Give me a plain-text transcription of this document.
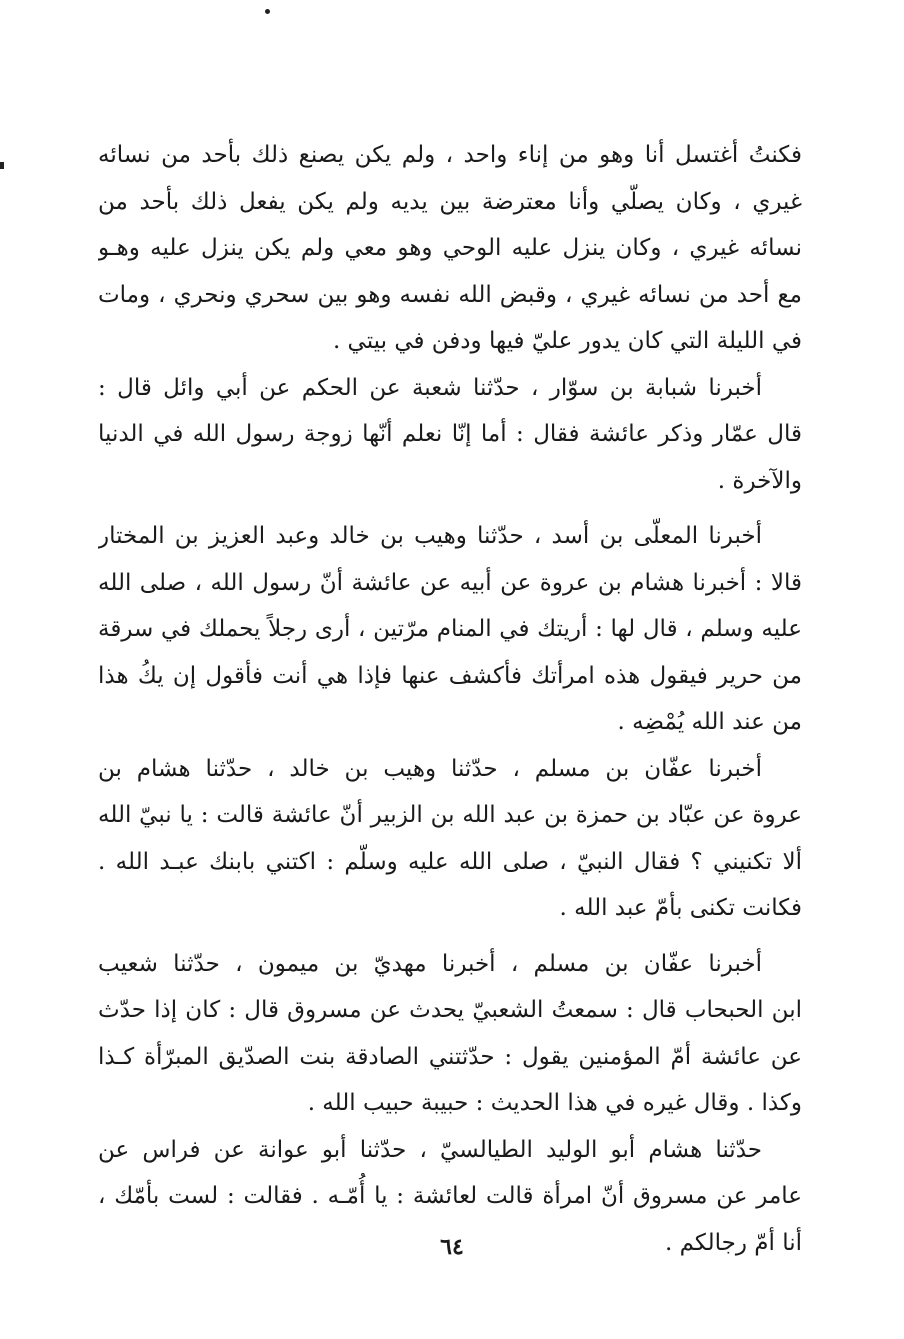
فكنتُ أغتسل أنا وهو من إناء واحد ، ولم يكن يصنع ذلك بأحد من نسائه
غيري ، وكان يصلّي وأنا معترضة بين يديه ولم يكن يفعل ذلك بأحد من
نسائه غيري ، وكان ينزل عليه الوحي وهو معي ولم يكن ينزل عليه وهـو
مع أحد من نسائه غيري ، وقبض الله نفسه وهو بين سحري ونحري ، ومات
في الليلة التي كان يدور عليّ فيها ودفن في بيتي .
أخبرنا شبابة بن سوّار ، حدّثنا شعبة عن الحكم عن أبي وائل قال :
قال عمّار وذكر عائشة فقال : أما إنّا نعلم أنّها زوجة رسول الله في الدنيا
والآخرة .
أخبرنا المعلّى بن أسد ، حدّثنا وهيب بن خالد وعبد العزيز بن المختار
قالا : أخبرنا هشام بن عروة عن أبيه عن عائشة أنّ رسول الله ، صلى الله
عليه وسلم ، قال لها : أريتك في المنام مرّتين ، أرى رجلاً يحملك في سرقة
من حرير فيقول هذه امرأتك فأكشف عنها فإذا هي أنت فأقول إن يكُ هذا
من عند الله يُمْضِه .
أخبرنا عفّان بن مسلم ، حدّثنا وهيب بن خالد ، حدّثنا هشام بن
عروة عن عبّاد بن حمزة بن عبد الله بن الزبير أنّ عائشة قالت : يا نبيّ الله
ألا تكنيني ؟ فقال النبيّ ، صلى الله عليه وسلّم : اكتني بابنك عبـد الله .
فكانت تكنى بأمّ عبد الله .
أخبرنا عفّان بن مسلم ، أخبرنا مهديّ بن ميمون ، حدّثنا شعيب
ابن الحبحاب قال : سمعتُ الشعبيّ يحدث عن مسروق قال : كان إذا حدّث
عن عائشة أمّ المؤمنين يقول : حدّثتني الصادقة بنت الصدّيق المبرّأة كـذا
وكذا . وقال غيره في هذا الحديث : حبيبة حبيب الله .
حدّثنا هشام أبو الوليد الطيالسيّ ، حدّثنا أبو عوانة عن فراس عن
عامر عن مسروق أنّ امرأة قالت لعائشة : يا أُمّـه . فقالت : لست بأمّك ،
أنا أمّ رجالكم .
٦٤
